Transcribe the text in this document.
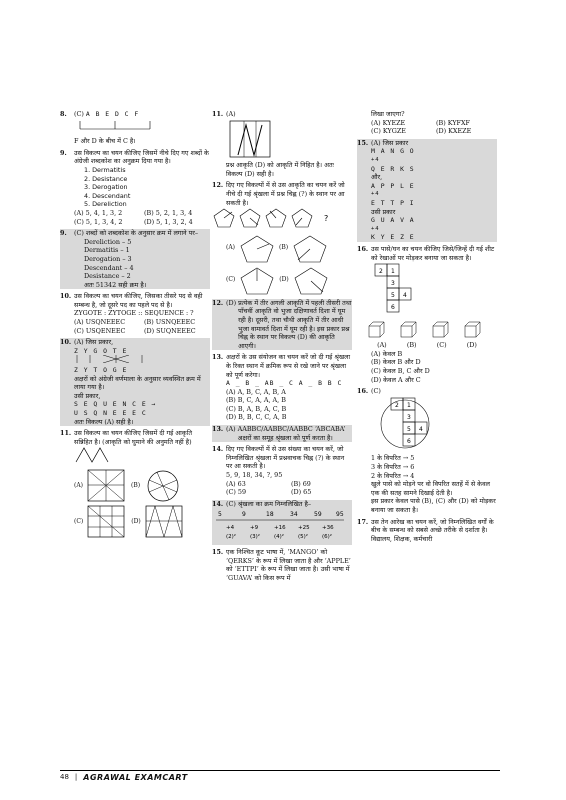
8.	(C) A B E D C F
F और D के बीच में C है।
9.	उस विकल्प का चयन कीजिए जिसमें नीचे दिए गए शब्दों के अंग्रेजी शब्दकोश का अनुक्रम दिया गया है।
1. Dermatitis
2. Desistance
3. Derogation
4. Descendant
5. Dereliction
(A) 5, 4, 1, 3, 2	(B) 5, 2, 1, 3, 4
(C) 5, 1, 3, 4, 2	(D) 5, 1, 3, 2, 4
9.	(C) शब्दों को शब्दकोश के अनुसार क्रम में लगाने पर–
Dereliction – 5
Dermatitis – 1
Derogation – 3
Descendant – 4
Desistance – 2
अतः 51342 सही क्रम है।
10. उस विकल्प का चयन कीजिए, जिसका तीसरे पद से वही सम्बन्ध है, जो दूसरे पद का पहले पद से है।
ZYGOTE : ZYTOGE :: SEQUENCE : ?
(A) USQNEEEC	(B) USNQEEEC
(C) USQENEEC	(D) SUQNEEEC
10. (A) जिस प्रकार,
Z Y G O T E
Z Y T O G E
अक्षरों को अंग्रेजी वर्णमाला के अनुसार व्यवस्थित क्रम में लाया गया है।
उसी प्रकार,
S E Q U E N C E →
U S Q N E E E C
अतः विकल्प (A) सही है।
11. उस विकल्प का चयन कीजिए जिसमें दी गई आकृति सन्निहित है। (आकृति को घुमाने की अनुमति नहीं है)
(A)	(B)
(C)	(D)
11. (A)
प्रश्न आकृति (D) को आकृति में निहित है। अतः विकल्प (D) सही है।
12. दिए गए विकल्पों में से उस आकृति का चयन करें जो नीचे दी गई श्रृंखला में प्रश्न चिह्न (?) के स्थान पर आ सकती है।
?
(A)	(B)
(C)	(D)
12. (D) प्रत्येक में तीर अगली आकृति में पहली तीसरी तथा पाँचवीं आकृति वो भुजा दक्षिणावर्त दिशा में घूम रही है। दूसरी, तथा चौथी आकृति में तीर आधी भुजा वामावर्त दिशा में घूम रही है। इस प्रकार प्रश्न चिह्न के स्थान पर विकल्प (D) की आकृति आएगी।
13. अक्षरों के उस संयोजन का चयन करें जो दी गई श्रृंखला के रिक्त स्थान में क्रमिक रूप से रखे जाने पर श्रृंखला को पूर्ण करेगा।
A _ B _ AB _ C A _ B B C
(A) A, B, C, A, B, A
(B) B, C, A, A, A, B
(C) B, A, B, A, C, B
(D) B, B, C, C, A, B
13. (A) AABBC/AABBC/AABBC ‘ABCABA’ अक्षरों का समूह श्रृंखला को पूर्ण करता है।
14. दिए गए विकल्पों में से उस संख्या का चयन करें, जो निम्नलिखित श्रृंखला में प्रश्नवाचक चिह्न (?) के स्थान पर आ सकती है।
5, 9, 18, 34, ?, 95
(A) 63	(B) 69
(C) 59	(D) 65
14. (C) श्रृंखला का क्रम निम्नलिखित है–
5	9	18	34	59 95
+4	+9	+16 +25 +36
(2)²	(3)²	(4)²	(5)²	(6)²
15. एक निश्चित कूट भाषा में, ‘MANGO’ को ‘QERKS’ के रूप में लिखा जाता है और ‘APPLE’ को ‘ETTPI’ के रूप में लिखा जाता है। उसी भाषा में ‘GUAVA’ को किस रूप में
लिखा जाएगा?
(A) KYEZE	(B) KYFXF
(C) KYGZE	(D) KXEZE
15. (A) जिस प्रकार
M A N G O
+4
Q E R K S
और,
A P P L E
+4
E T T P I
उसी प्रकार
G U A V A
+4
K Y E Z E
16. उस पासे/घन का चयन कीजिए जिसे/जिन्हें दी गई शीट को रेखाओं पर मोड़कर बनाया जा सकता है।
2 1
3
5 4
6

(A)	(B)	(C)	(D)
(A) केवल B
(B) केवल B और D
(C) केवल B, C और D
(D) केवल A और C
16. (C)
2 1
3
5 4
6
1 के विपरित → 5
3 के विपरित → 6
2 के विपरित → 4
खुले पासे को मोड़ने पर वो विपरित सतहें में से केवल एक की सतह सामने दिखाई देती है।
इस प्रकार केवल पासे (B), (C) और (D) को मोड़कर बनाया जा सकता है।
17. उस तेन आरेख का चयन करें, जो निम्नलिखित वर्गों के बीच के सम्बन्ध को सबसे अच्छे तरीके से दर्शाता है।
विद्यालय, शिक्षक, कर्मचारी
48 | AGRAWAL EXAMCART
